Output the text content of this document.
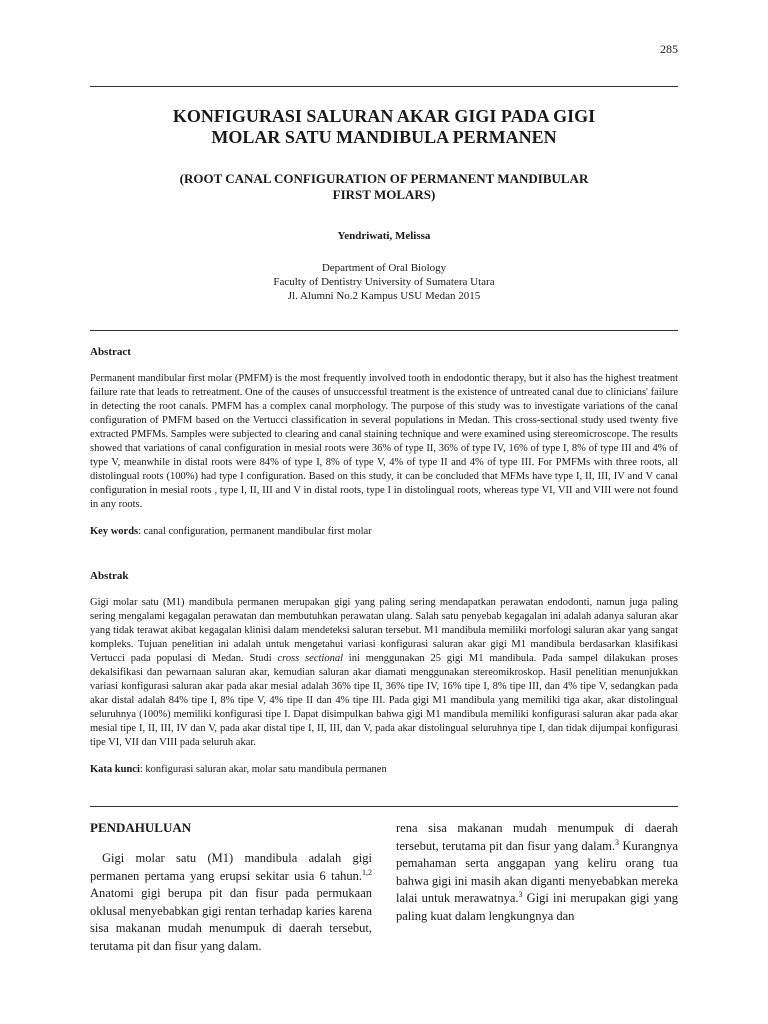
285
KONFIGURASI SALURAN AKAR GIGI PADA GIGI
MOLAR SATU MANDIBULA PERMANEN
(ROOT CANAL CONFIGURATION OF PERMANENT MANDIBULAR
FIRST MOLARS)
Yendriwati, Melissa
Department of Oral Biology
Faculty of Dentistry University of Sumatera Utara
Jl. Alumni No.2 Kampus USU Medan 2015
Abstract

Permanent mandibular first molar (PMFM) is the most frequently involved tooth in endodontic therapy, but it also has the highest treatment failure rate that leads to retreatment. One of the causes of unsuccessful treatment is the existence of untreated canal due to clinicians' failure in detecting the root canals. PMFM has a complex canal morphology. The purpose of this study was to investigate variations of the canal configuration of PMFM based on the Vertucci classification in several populations in Medan. This cross-sectional study used twenty five extracted PMFMs. Samples were subjected to clearing and canal staining technique and were examined using stereomicroscope. The results showed that variations of canal configuration in mesial roots were 36% of type II, 36% of type IV, 16% of type I, 8% of type III and 4% of type V, meanwhile in distal roots were 84% of type I, 8% of type V, 4% of type II and 4% of type III. For PMFMs with three roots, all distolingual roots (100%) had type I configuration. Based on this study, it can be concluded that MFMs have type I, II, III, IV and V canal configuration in mesial roots , type I, II, III and V in distal roots, type I in distolingual roots, whereas type VI, VII and VIII were not found in any roots.

Key words: canal configuration, permanent mandibular first molar
Abstrak

Gigi molar satu (M1) mandibula permanen merupakan gigi yang paling sering mendapatkan perawatan endodonti, namun juga paling sering mengalami kegagalan perawatan dan membutuhkan perawatan ulang. Salah satu penyebab kegagalan ini adalah adanya saluran akar yang tidak terawat akibat kegagalan klinisi dalam mendeteksi saluran tersebut. M1 mandibula memiliki morfologi saluran akar yang sangat kompleks. Tujuan penelitian ini adalah untuk mengetahui variasi konfigurasi saluran akar gigi M1 mandibula berdasarkan klasifikasi Vertucci pada populasi di Medan. Studi cross sectional ini menggunakan 25 gigi M1 mandibula. Pada sampel dilakukan proses dekalsifikasi dan pewarnaan saluran akar, kemudian saluran akar diamati menggunakan stereomikroskop. Hasil penelitian menunjukkan variasi konfigurasi saluran akar pada akar mesial adalah 36% tipe II, 36% tipe IV, 16% tipe I, 8% tipe III, dan 4% tipe V, sedangkan pada akar distal adalah 84% tipe I, 8% tipe V, 4% tipe II dan 4% tipe III. Pada gigi M1 mandibula yang memiliki tiga akar, akar distolingual seluruhnya (100%) memiliki konfigurasi tipe I. Dapat disimpulkan bahwa gigi M1 mandibula memiliki konfigurasi saluran akar pada akar mesial tipe I, II, III, IV dan V, pada akar distal tipe I, II, III, dan V, pada akar distolingual seluruhnya tipe I, dan tidak dijumpai konfigurasi tipe VI, VII dan VIII pada seluruh akar.

Kata kunci: konfigurasi saluran akar, molar satu mandibula permanen
PENDAHULUAN
Gigi molar satu (M1) mandibula adalah gigi permanen pertama yang erupsi sekitar usia 6 tahun.$^{1,2}$ Anatomi gigi berupa pit dan fisur pada permukaan oklusal menyebabkan gigi rentan terhadap karies karena sisa makanan mudah menumpuk di daerah tersebut, terutama pit dan fisur yang dalam.
rena sisa makanan mudah menumpuk di daerah tersebut, terutama pit dan fisur yang dalam.$^3$ Kurangnya pemahaman serta anggapan yang keliru orang tua bahwa gigi ini masih akan diganti menyebabkan mereka lalai untuk merawatnya.$^3$ Gigi ini merupakan gigi yang paling kuat dalam lengkungnya dan
